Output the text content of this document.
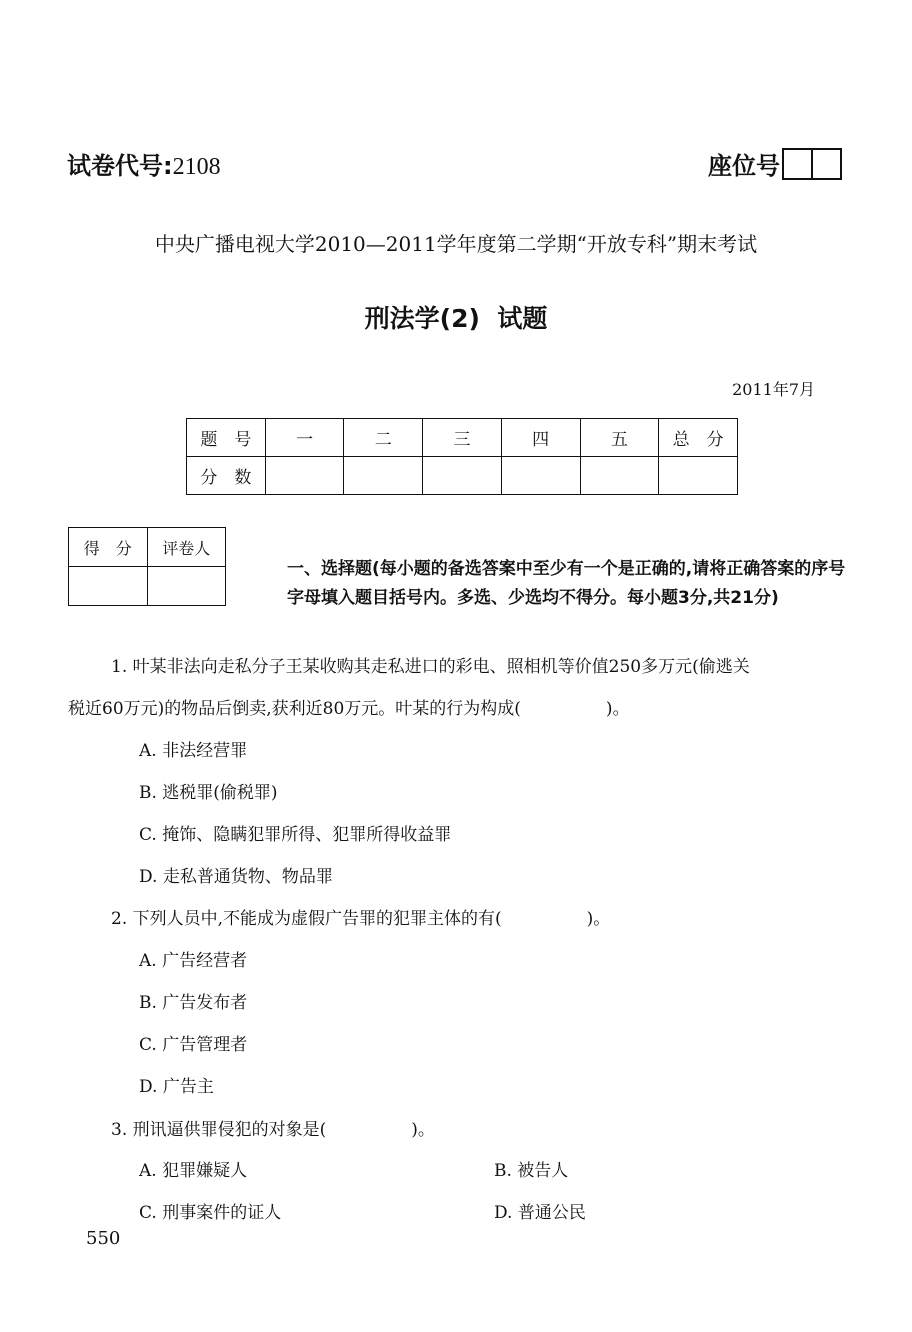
试卷代号:2108	座位号
中央广播电视大学2010—2011学年度第二学期“开放专科”期末考试
刑法学(2)  试题
2011年7月
题　号	一	二	三	四	五	总　分
分　数						
得　分	评卷人

一、选择题(每小题的备选答案中至少有一个是正确的,请将正确答案的序号字母填入题目括号内。多选、少选均不得分。每小题3分,共21分)
1. 叶某非法向走私分子王某收购其走私进口的彩电、照相机等价值250多万元(偷逃关
税近60万元)的物品后倒卖,获利近80万元。叶某的行为构成(　　　　　)。
A. 非法经营罪
B. 逃税罪(偷税罪)
C. 掩饰、隐瞒犯罪所得、犯罪所得收益罪
D. 走私普通货物、物品罪
2. 下列人员中,不能成为虚假广告罪的犯罪主体的有(　　　　　)。
A. 广告经营者
B. 广告发布者
C. 广告管理者
D. 广告主
3. 刑讯逼供罪侵犯的对象是(　　　　　)。
A. 犯罪嫌疑人	B. 被告人
C. 刑事案件的证人	D. 普通公民
550
